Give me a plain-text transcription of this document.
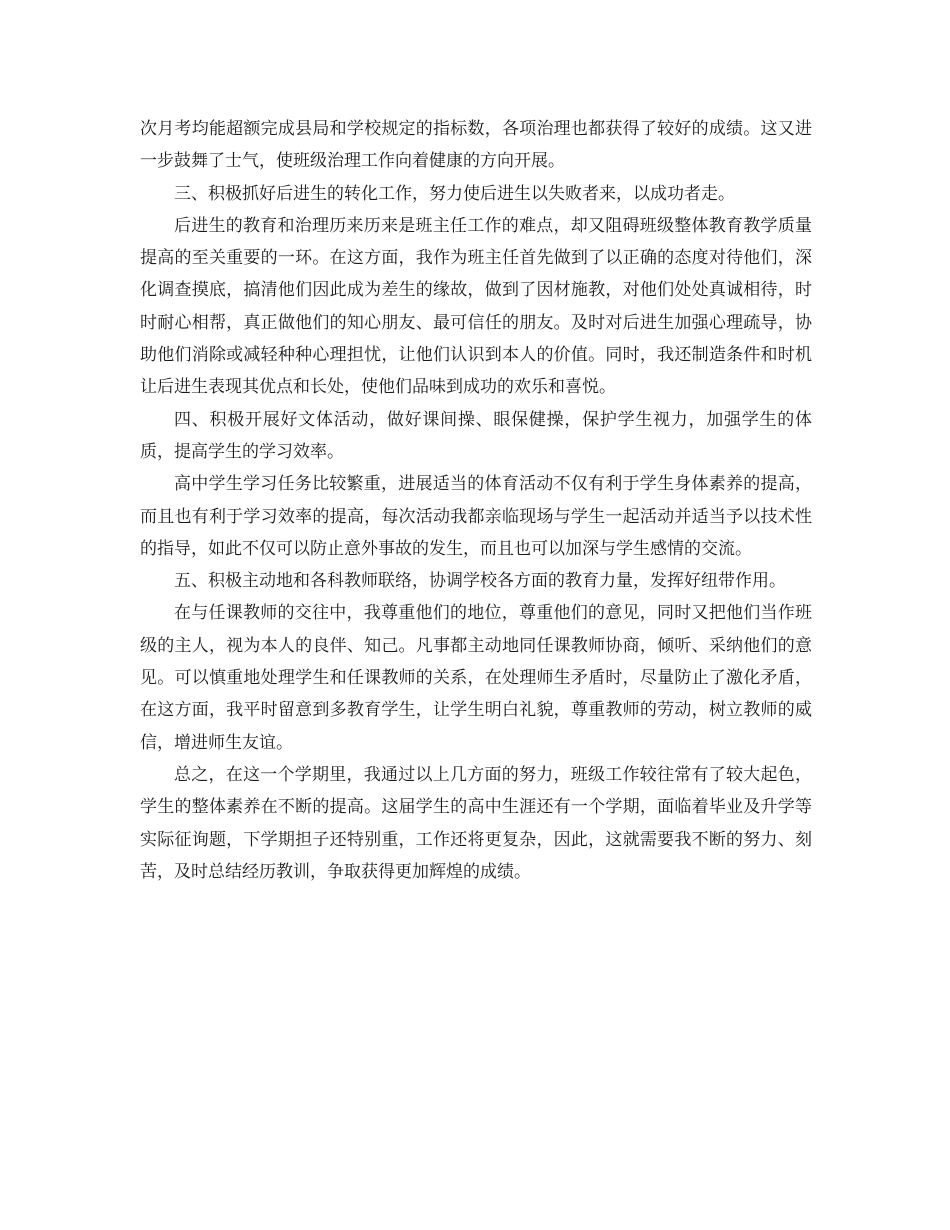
次月考均能超额完成县局和学校规定的指标数，各项治理也都获得了较好的成绩。这又进一步鼓舞了士气，使班级治理工作向着健康的方向开展。

三、积极抓好后进生的转化工作，努力使后进生以失败者来，以成功者走。

后进生的教育和治理历来历来是班主任工作的难点，却又阻碍班级整体教育教学质量提高的至关重要的一环。在这方面，我作为班主任首先做到了以正确的态度对待他们，深化调查摸底，搞清他们因此成为差生的缘故，做到了因材施教，对他们处处真诚相待，时时耐心相帮，真正做他们的知心朋友、最可信任的朋友。及时对后进生加强心理疏导，协助他们消除或减轻种种心理担忧，让他们认识到本人的价值。同时，我还制造条件和时机让后进生表现其优点和长处，使他们品味到成功的欢乐和喜悦。

四、积极开展好文体活动，做好课间操、眼保健操，保护学生视力，加强学生的体质，提高学生的学习效率。

高中学生学习任务比较繁重，进展适当的体育活动不仅有利于学生身体素养的提高，而且也有利于学习效率的提高，每次活动我都亲临现场与学生一起活动并适当予以技术性的指导，如此不仅可以防止意外事故的发生，而且也可以加深与学生感情的交流。

五、积极主动地和各科教师联络，协调学校各方面的教育力量，发挥好纽带作用。

在与任课教师的交往中，我尊重他们的地位，尊重他们的意见，同时又把他们当作班级的主人，视为本人的良伴、知己。凡事都主动地同任课教师协商，倾听、采纳他们的意见。可以慎重地处理学生和任课教师的关系，在处理师生矛盾时，尽量防止了激化矛盾，在这方面，我平时留意到多教育学生，让学生明白礼貌，尊重教师的劳动，树立教师的威信，增进师生友谊。

总之，在这一个学期里，我通过以上几方面的努力，班级工作较往常有了较大起色，学生的整体素养在不断的提高。这届学生的高中生涯还有一个学期，面临着毕业及升学等实际征询题，下学期担子还特别重，工作还将更复杂，因此，这就需要我不断的努力、刻苦，及时总结经历教训，争取获得更加辉煌的成绩。
